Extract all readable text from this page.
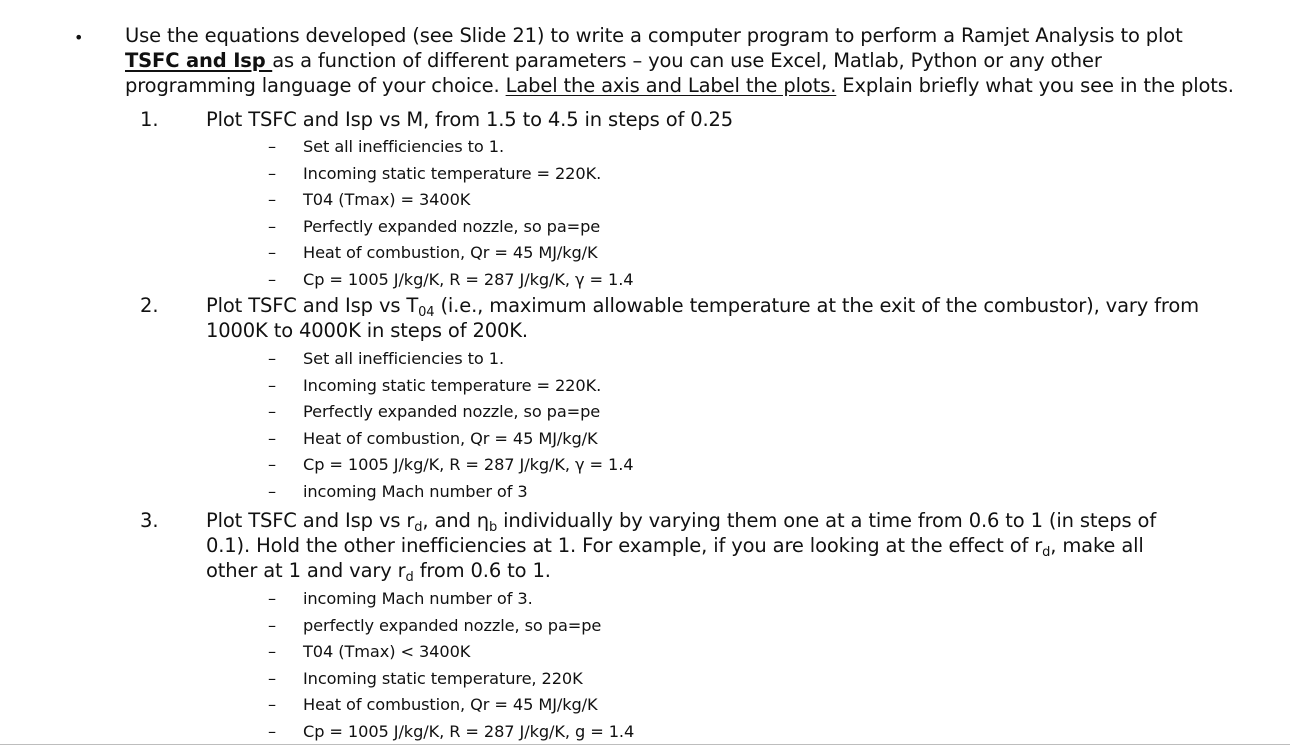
• Use the equations developed (see Slide 21) to write a computer program to perform a Ramjet Analysis to plot TSFC and Isp as a function of different parameters – you can use Excel, Matlab, Python or any other programming language of your choice. Label the axis and Label the plots. Explain briefly what you see in the plots.
1. Plot TSFC and Isp vs M, from 1.5 to 4.5 in steps of 0.25
– Set all inefficiencies to 1.
– Incoming static temperature = 220K.
– T04 (Tmax) = 3400K
– Perfectly expanded nozzle, so pa=pe
– Heat of combustion, Qr = 45 MJ/kg/K
– Cp = 1005 J/kg/K, R = 287 J/kg/K, γ = 1.4
2. Plot TSFC and Isp vs $T_{04}$ (i.e., maximum allowable temperature at the exit of the combustor), vary from 1000K to 4000K in steps of 200K.
– Set all inefficiencies to 1.
– Incoming static temperature = 220K.
– Perfectly expanded nozzle, so pa=pe
– Heat of combustion, Qr = 45 MJ/kg/K
– Cp = 1005 J/kg/K, R = 287 J/kg/K, γ = 1.4
– incoming Mach number of 3
3. Plot TSFC and Isp vs $r_d$, and $\eta_b$ individually by varying them one at a time from 0.6 to 1 (in steps of 0.1). Hold the other inefficiencies at 1. For example, if you are looking at the effect of $r_d$, make all other at 1 and vary $r_d$ from 0.6 to 1.
– incoming Mach number of 3.
– perfectly expanded nozzle, so pa=pe
– T04 (Tmax) < 3400K
– Incoming static temperature, 220K
– Heat of combustion, Qr = 45 MJ/kg/K
– Cp = 1005 J/kg/K, R = 287 J/kg/K, g = 1.4
